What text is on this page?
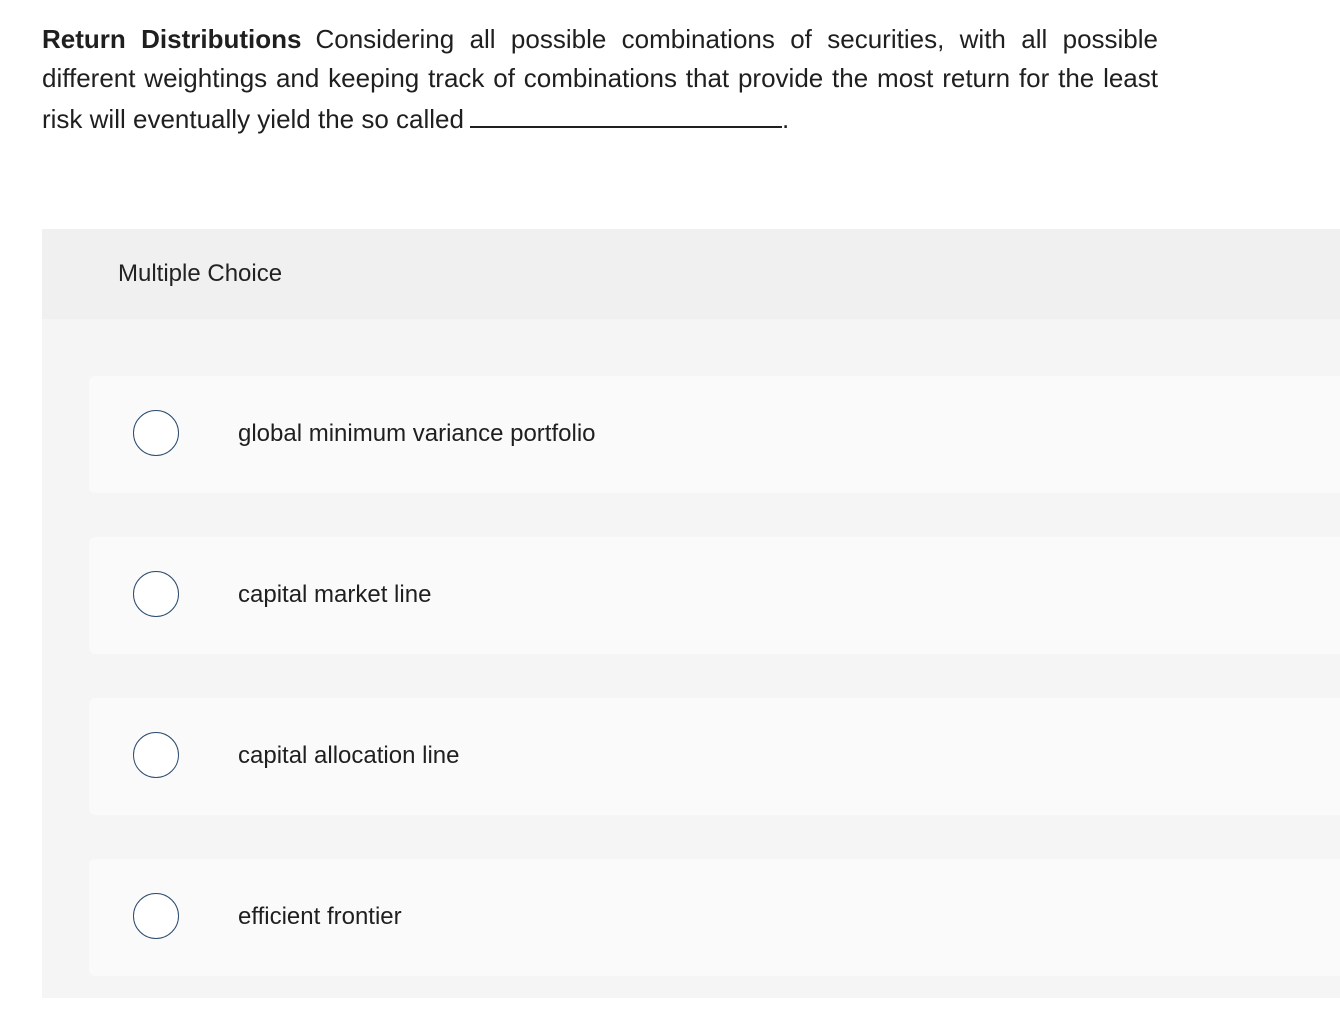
Return Distributions Considering all possible combinations of securities, with all possible different weightings and keeping track of combinations that provide the most return for the least risk will eventually yield the so called	.
Multiple Choice
global minimum variance portfolio
capital market line
capital allocation line
efficient frontier
